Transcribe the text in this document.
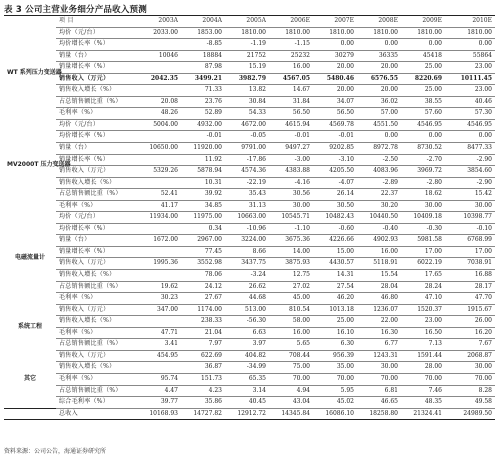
表 3 公司主营业务细分产品收入预测
	项 目	2003A	2004A	2005A	2006E	2007E	2008E	2009E	2010E
WT 系列压力变送器	均价（元/台）	2033.00	1853.00	1810.00	1810.00	1810.00	1810.00	1810.00	1810.00
	均价增长率（%）		-8.85	-1.19	-1.15	0.00	0.00	0.00	0.00
	销量（台）	10046	18884	21752	25232	30279	36335	45418	55864
	销量增长率（%）		87.98	15.19	16.00	20.00	20.00	25.00	23.00
	销售收入（万元）	2042.35	3499.21	3982.79	4567.05	5480.46	6576.55	8220.69	10111.45
	销售收入增长（%）		71.33	13.82	14.67	20.00	20.00	25.00	23.00
	占总销售额比重（%）	20.08	23.76	30.84	31.84	34.07	36.02	38.55	40.46
	毛利率（%）	48.26	52.89	54.33	56.50	56.50	57.00	57.60	57.30
MV2000T 压力变送器	均价（元/台）	5004.00	4932.00	4672.00	4615.94	4569.78	4551.50	4546.95	4546.95
	均价增长率（%）		-0.01	-0.05	-0.01	-0.01	0.00	0.00	0.00
	销量（台）	10650.00	11920.00	9791.00	9497.27	9202.85	8972.78	8730.52	8477.33
	销量增长率（%）		11.92	-17.86	-3.00	-3.10	-2.50	-2.70	-2.90
	销售收入（万元）	5329.26	5878.94	4574.36	4383.88	4205.50	4083.96	3969.72	3854.60
	销售收入增长（%）		10.31	-22.19	-4.16	-4.07	-2.89	-2.80	-2.90
	占总销售额比重（%）	52.41	39.92	35.43	30.56	26.14	22.37	18.62	15.42
	毛利率（%）	41.17	34.85	31.13	30.00	30.50	30.20	30.00	30.00
电磁流量计	均价（元/台）	11934.00	11975.00	10663.00	10545.71	10482.43	10440.50	10409.18	10398.77
	均价增长率（%）		0.34	-10.96	-1.10	-0.60	-0.40	-0.30	-0.10
	销量（台）	1672.00	2967.00	3224.00	3675.36	4226.66	4902.93	5981.58	6768.99
	销量增长率（%）		77.45	8.66	14.00	15.00	16.00	17.00	17.00
	销售收入（万元）	1995.36	3552.98	3437.75	3875.93	4430.57	5118.91	6022.19	7038.91
	销售收入增长（%）		78.06	-3.24	12.75	14.31	15.54	17.65	16.88
	占总销售额比重（%）	19.62	24.12	26.62	27.02	27.54	28.04	28.24	28.17
	毛利率（%）	30.23	27.67	44.68	45.00	46.20	46.80	47.10	47.70
系统工程	销售收入（万元）	347.00	1174.00	513.00	810.54	1013.18	1236.07	1520.37	1915.67
	销售收入增长（%）		238.33	-56.30	58.00	25.00	22.00	23.00	26.00
	毛利率（%）	47.71	21.04	6.63	16.00	16.10	16.30	16.50	16.20
	占总销售额比重（%）	3.41	7.97	3.97	5.65	6.30	6.77	7.13	7.67
其它	销售收入（万元）	454.95	622.69	404.82	708.44	956.39	1243.31	1591.44	2068.87
	销售收入增长（%）		36.87	-34.99	75.00	35.00	30.00	28.00	30.00
	毛利率（%）	95.74	151.73	65.35	70.00	70.00	70.00	70.00	70.00
	占总销售额比重（%）	4.47	4.23	3.14	4.94	5.95	6.81	7.46	8.28
	综合毛利率（%）	39.77	35.86	40.45	43.04	45.02	46.65	48.35	49.58
	总收入	10168.93	14727.82	12912.72	14345.84	16086.10	18258.80	21324.41	24989.50
资料来源：公司公告，海通证券研究所
